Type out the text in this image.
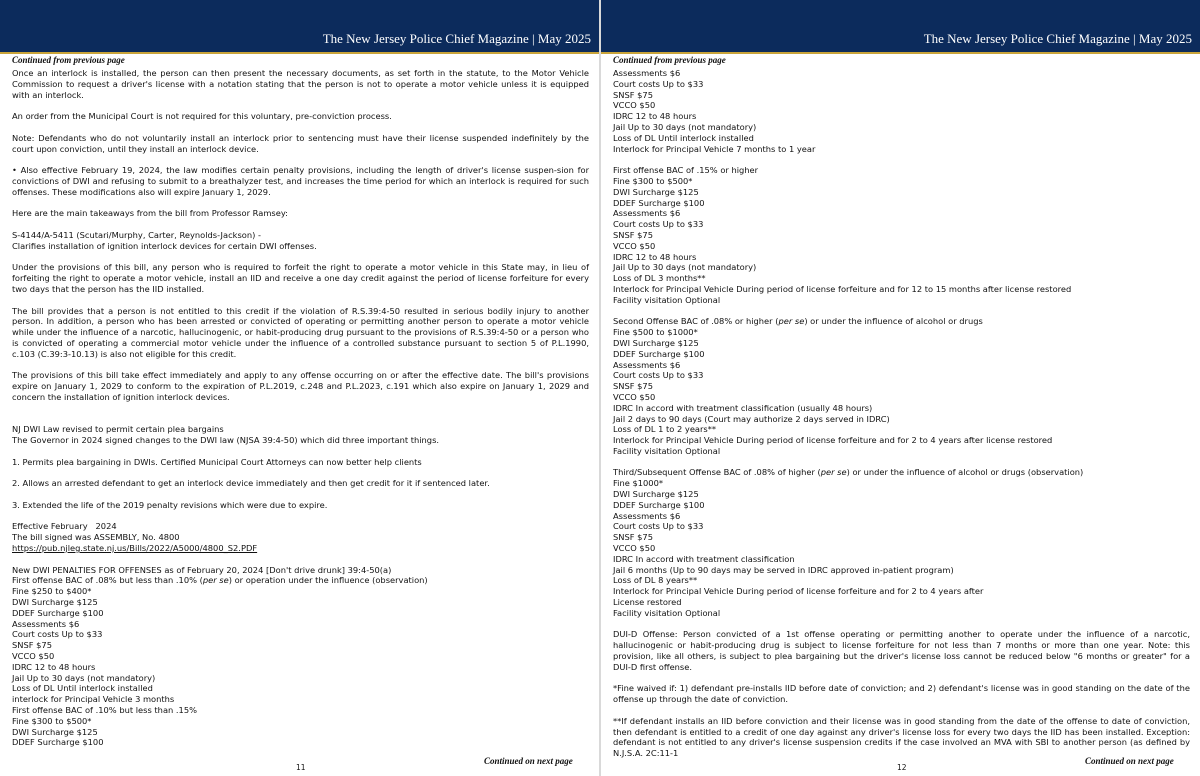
The New Jersey Police Chief Magazine | May 2025
Continued from previous page

Once an interlock is installed, the person can then present the necessary documents, as set forth in the statute, to the Motor Vehicle Commission to request a driver's license with a notation stating that the person is not to operate a motor vehicle unless it is equipped with an interlock.

An order from the Municipal Court is not required for this voluntary, pre-conviction process.

Note: Defendants who do not voluntarily install an interlock prior to sentencing must have their license suspended indefinitely by the court upon conviction, until they install an interlock device.

• Also effective February 19, 2024, the law modifies certain penalty provisions, including the length of driver's license suspen-sion for convictions of DWI and refusing to submit to a breathalyzer test, and increases the time period for which an interlock is required for such offenses. These modifications also will expire January 1, 2029.

Here are the main takeaways from the bill from Professor Ramsey:

S-4144/A-5411 (Scutari/Murphy, Carter, Reynolds-Jackson) -

Clarifies installation of ignition interlock devices for certain DWI offenses.

Under the provisions of this bill, any person who is required to forfeit the right to operate a motor vehicle in this State may, in lieu of forfeiting the right to operate a motor vehicle, install an IID and receive a one day credit against the period of license forfeiture for every two days that the person has the IID installed.

The bill provides that a person is not entitled to this credit if the violation of R.S.39:4-50 resulted in serious bodily injury to another person. In addition, a person who has been arrested or convicted of operating or permitting another person to operate a motor vehicle while under the influence of a narcotic, hallucinogenic, or habit-producing drug pursuant to the provisions of R.S.39:4-50 or a person who is convicted of operating a commercial motor vehicle under the influence of a controlled substance pursuant to section 5 of P.L.1990, c.103 (C.39:3-10.13) is also not eligible for this credit.

The provisions of this bill take effect immediately and apply to any offense occurring on or after the effective date. The bill's provisions expire on January 1, 2029 to conform to the expiration of P.L.2019, c.248 and P.L.2023, c.191 which also expire on January 1, 2029 and concern the installation of ignition interlock devices.

NJ DWI Law revised to permit certain plea bargains

The Governor in 2024 signed changes to the DWI law (NJSA 39:4-50) which did three important things.

1. Permits plea bargaining in DWIs. Certified Municipal Court Attorneys can now better help clients

2. Allows an arrested defendant to get an interlock device immediately and then get credit for it if sentenced later.

3. Extended the life of the 2019 penalty revisions which were due to expire.

Effective February   2024

The bill signed was ASSEMBLY, No. 4800

https://pub.njleg.state.nj.us/Bills/2022/A5000/4800_S2.PDF

New DWI PENALTIES FOR OFFENSES as of February 20, 2024 [Don't drive drunk] 39:4-50(a)

First offense BAC of .08% but less than .10% (per se) or operation under the influence (observation)

Fine $250 to $400*

DWI Surcharge $125

DDEF Surcharge $100

Assessments $6

Court costs Up to $33

SNSF $75

VCCO $50

IDRC 12 to 48 hours

Jail Up to 30 days (not mandatory)

Loss of DL Until interlock installed

interlock for Principal Vehicle 3 months

First offense BAC of .10% but less than .15%

Fine $300 to $500*

DWI Surcharge $125

DDEF Surcharge $100

Continued on next page
11
The New Jersey Police Chief Magazine | May 2025
Continued from previous page

Assessments $6

Court costs Up to $33

SNSF $75

VCCO $50

IDRC 12 to 48 hours

Jail Up to 30 days (not mandatory)

Loss of DL Until interlock installed

Interlock for Principal Vehicle 7 months to 1 year

First offense BAC of .15% or higher

Fine $300 to $500*

DWI Surcharge $125

DDEF Surcharge $100

Assessments $6

Court costs Up to $33

SNSF $75

VCCO $50

IDRC 12 to 48 hours

Jail Up to 30 days (not mandatory)

Loss of DL 3 months**

Interlock for Principal Vehicle During period of license forfeiture and for 12 to 15 months after license restored

Facility visitation Optional

Second Offense BAC of .08% or higher (per se) or under the influence of alcohol or drugs

Fine $500 to $1000*

DWI Surcharge $125

DDEF Surcharge $100

Assessments $6

Court costs Up to $33

SNSF $75

VCCO $50

IDRC In accord with treatment classification (usually 48 hours)

Jail 2 days to 90 days (Court may authorize 2 days served in IDRC)

Loss of DL 1 to 2 years**

Interlock for Principal Vehicle During period of license forfeiture and for 2 to 4 years after license restored

Facility visitation Optional

Third/Subsequent Offense BAC of .08% of higher (per se) or under the influence of alcohol or drugs (observation)

Fine $1000*

DWI Surcharge $125

DDEF Surcharge $100

Assessments $6

Court costs Up to $33

SNSF $75

VCCO $50

IDRC In accord with treatment classification

Jail 6 months (Up to 90 days may be served in IDRC approved in-patient program)

Loss of DL 8 years**

Interlock for Principal Vehicle During period of license forfeiture and for 2 to 4 years after

License restored

Facility visitation Optional

DUI-D Offense: Person convicted of a 1st offense operating or permitting another to operate under the influence of a narcotic, hallucinogenic or habit-producing drug is subject to license forfeiture for not less than 7 months or more than one year. Note: this provision, like all others, is subject to plea bargaining but the driver's license loss cannot be reduced below "6 months or greater" for a DUI-D first offense.

*Fine waived if: 1) defendant pre-installs IID before date of conviction; and 2) defendant's license was in good standing on the date of the offense up through the date of conviction.

**If defendant installs an IID before conviction and their license was in good standing from the date of the offense to date of conviction, then defendant is entitled to a credit of one day against any driver's license loss for every two days the IID has been installed. Exception: defendant is not entitled to any driver's license suspension credits if the case involved an MVA with SBI to another person (as defined by N.J.S.A. 2C:11-1

Continued on next page
12
